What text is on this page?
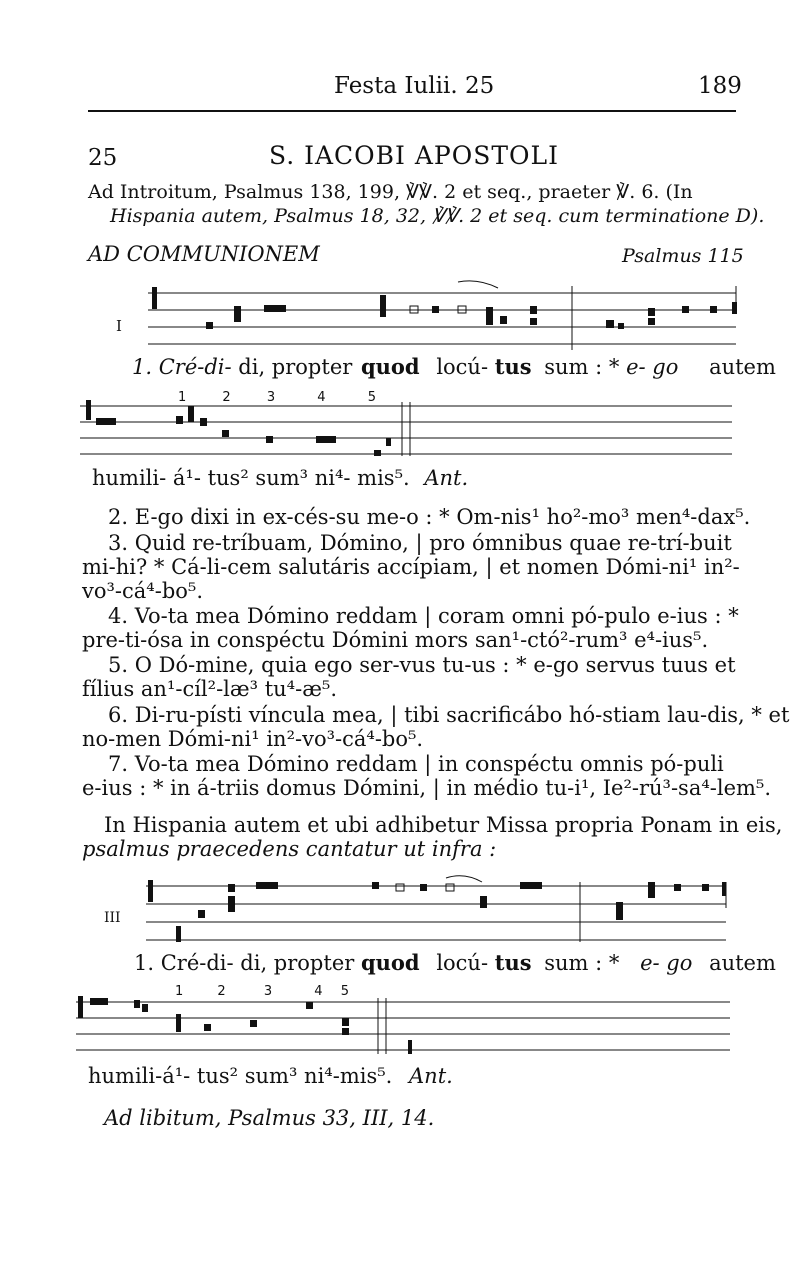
Festa Iulii. 25	189
25	S. IACOBI APOSTOLI
Ad Introitum, Psalmus 138, 199, ℣℣. 2 et seq., praeter ℣. 6. (In
Hispania autem, Psalmus 18, 32, ℣℣. 2 et seq. cum terminatione D).
AD COMMUNIONEM	Psalmus 115
I
1. Cré-di- di, propter quod locú- tus sum : * e- go autem
1	2	3	4	5
humili- á¹- tus² sum³ ni⁴- mis⁵. Ant.
2. E-go dixi in ex-cés-su me-o : * Om-nis¹ ho²-mo³ men⁴-dax⁵.
3. Quid re-tríbuam, Dómino, | pro ómnibus quae re-trí-buit
mi-hi? * Cá-li-cem salutáris accípiam, | et nomen Dómi-ni¹ in²-
vo³-cá⁴-bo⁵.
4. Vo-ta mea Dómino reddam | coram omni pó-pulo e-ius : *
pre-ti-ósa in conspéctu Dómini mors san¹-ctó²-rum³ e⁴-ius⁵.
5. O Dó-mine, quia ego ser-vus tu-us : * e-go servus tuus et
fílius an¹-cíl²-læ³ tu⁴-æ⁵.
6. Di-ru-písti víncula mea, | tibi sacrificábo hó-stiam lau-dis, * et
no-men Dómi-ni¹ in²-vo³-cá⁴-bo⁵.
7. Vo-ta mea Dómino reddam | in conspéctu omnis pó-puli
e-ius : * in á-triis domus Dómini, | in médio tu-i¹, Ie²-rú³-sa⁴-lem⁵.
In Hispania autem et ubi adhibetur Missa propria Ponam in eis,
psalmus praecedens cantatur ut infra :
III
1. Cré-di- di, propter quod locú- tus sum : * e- go autem
1	2	3	4 5
humili-á¹- tus² sum³ ni⁴-mis⁵. Ant.
Ad libitum, Psalmus 33, III, 14.
